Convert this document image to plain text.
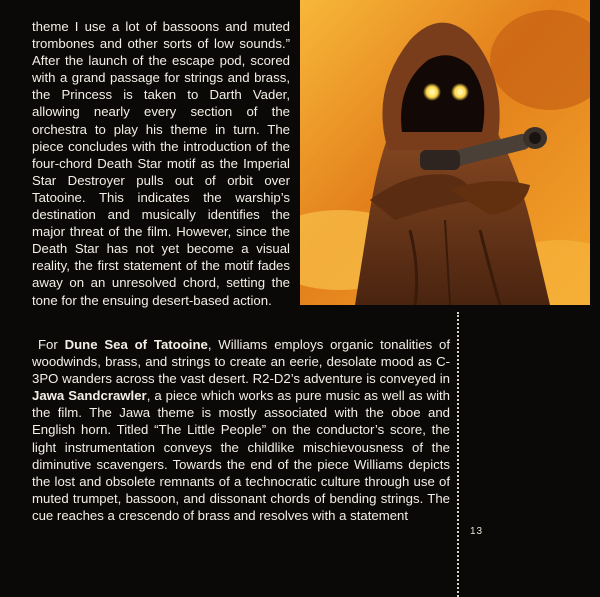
theme I use a lot of bassoons and muted trombones and other sorts of low sounds.” After the launch of the escape pod, scored with a grand passage for strings and brass, the Princess is taken to Darth Vader, allowing nearly every section of the orchestra to play his theme in turn. The piece concludes with the introduction of the four-chord Death Star motif as the Imperial Star Destroyer pulls out of orbit over Tatooine. This indicates the warship’s destination and musically identifies the major threat of the film. However, since the Death Star has not yet become a visual reality, the first statement of the motif fades away on an unresolved chord, setting the tone for the ensuing desert-based action.

For Dune Sea of Tatooine, Williams employs organic tonalities of woodwinds, brass, and strings to create an eerie, desolate mood as C-3PO wanders across the vast desert. R2-D2’s adventure is conveyed in Jawa Sandcrawler, a piece which works as pure music as well as with the film. The Jawa theme is mostly associated with the oboe and English horn. Titled “The Little People” on the conductor’s score, the light instrumentation conveys the childlike mischievousness of the diminutive scavengers. Towards the end of the piece Williams depicts the lost and obsolete remnants of a technocratic culture through use of muted trumpet, bassoon, and dissonant chords of bending strings. The cue reaches a crescendo of brass and resolves with a statement

13
